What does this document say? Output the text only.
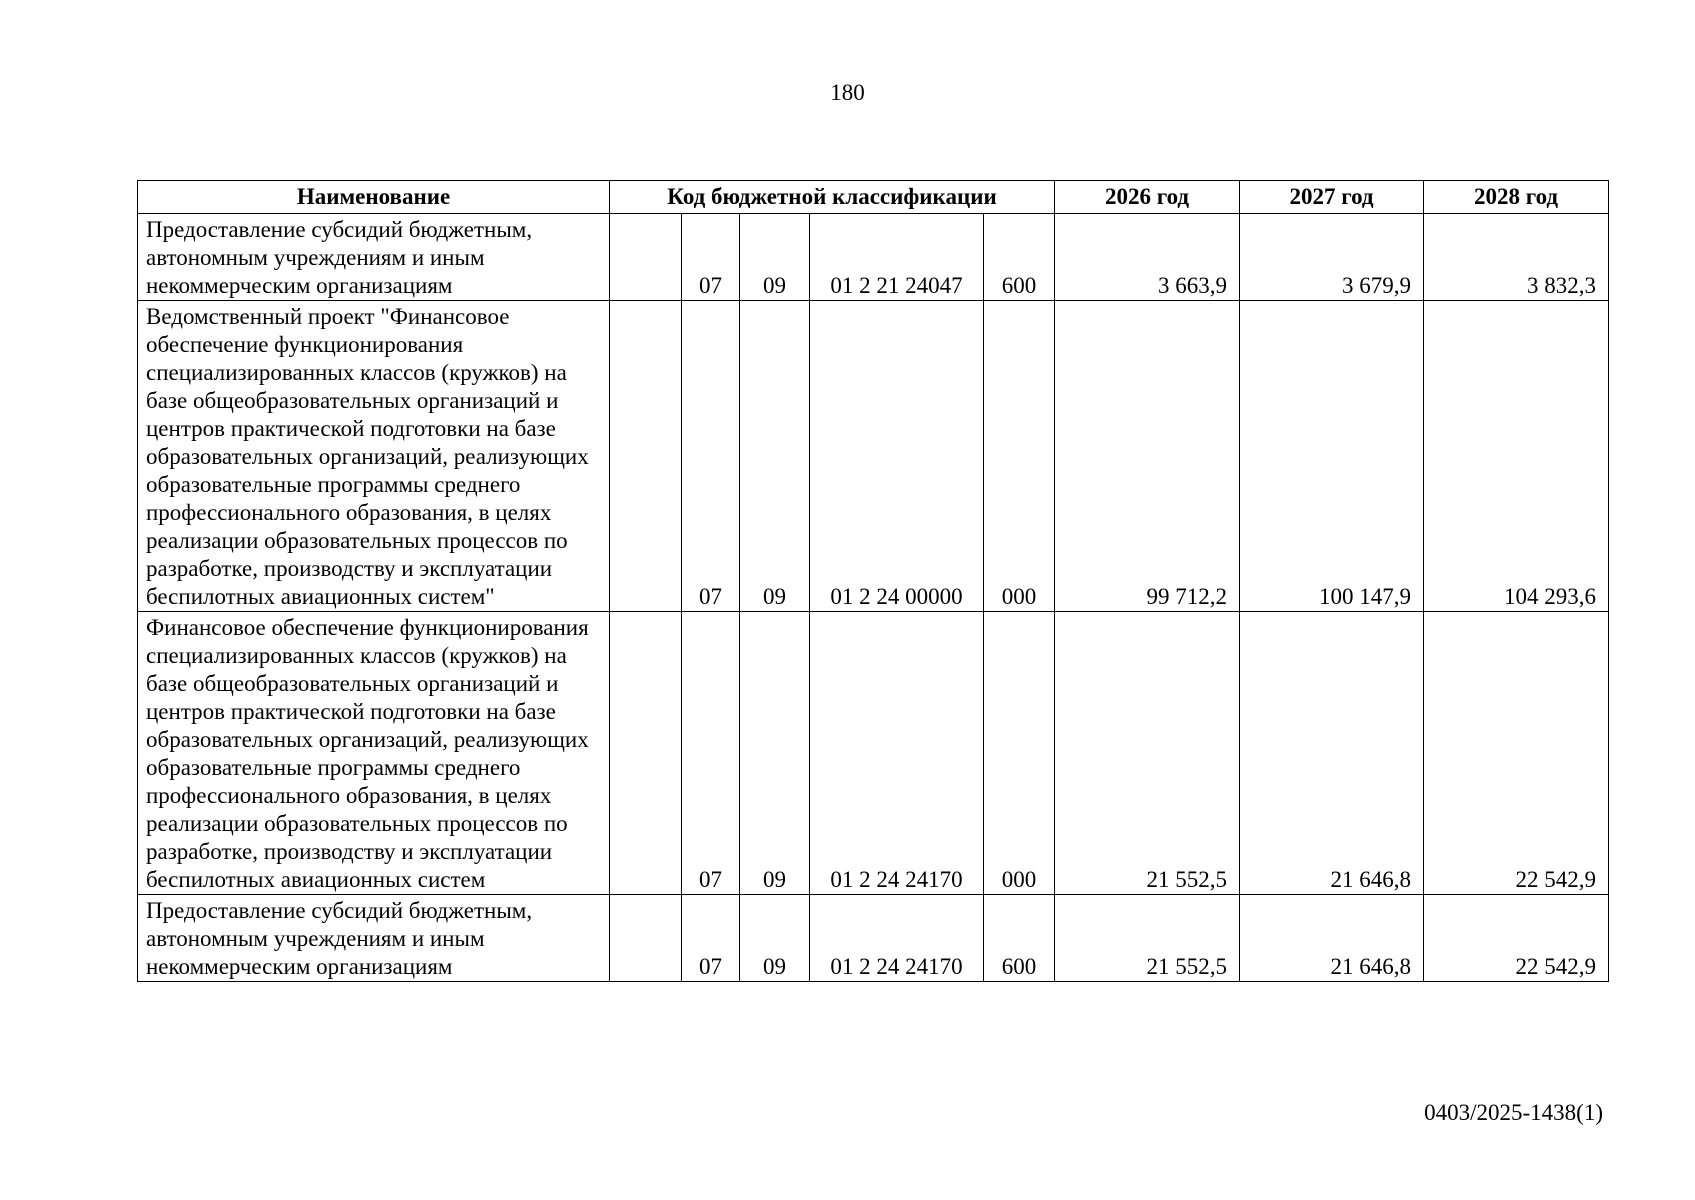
180
Наименование	Код бюджетной классификации					2026 год	2027 год	2028 год

Предоставление субсидий бюджетным, автономным учреждениям и иным некоммерческим организациям		07	09	01 2 21 24047	600	3 663,9	3 679,9	3 832,3

Ведомственный проект "Финансовое обеспечение функционирования специализированных классов (кружков) на базе общеобразовательных организаций и центров практической подготовки на базе образовательных организаций, реализующих образовательные программы среднего профессионального образования, в целях реализации образовательных процессов по разработке, производству и эксплуатации беспилотных авиационных систем"		07	09	01 2 24 00000	000	99 712,2	100 147,9	104 293,6

Финансовое обеспечение функционирования специализированных классов (кружков) на базе общеобразовательных организаций и центров практической подготовки на базе образовательных организаций, реализующих образовательные программы среднего профессионального образования, в целях реализации образовательных процессов по разработке, производству и эксплуатации беспилотных авиационных систем		07	09	01 2 24 24170	000	21 552,5	21 646,8	22 542,9

Предоставление субсидий бюджетным, автономным учреждениям и иным некоммерческим организациям		07	09	01 2 24 24170	600	21 552,5	21 646,8	22 542,9
0403/2025-1438(1)
